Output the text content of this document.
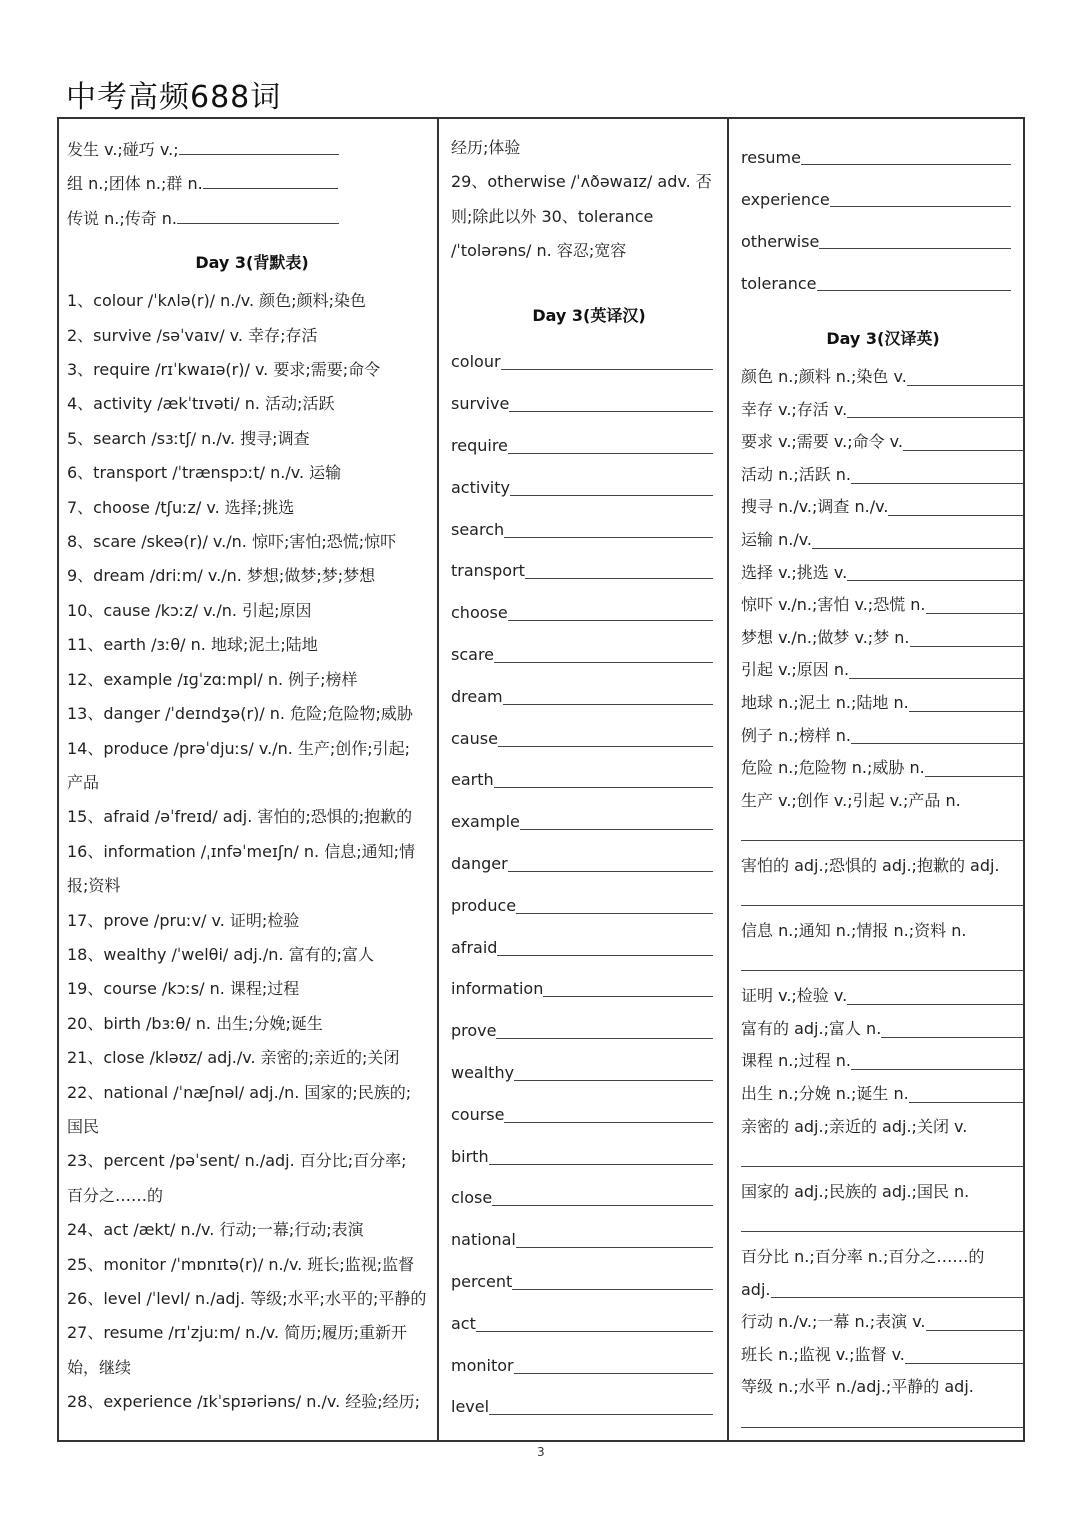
中考高频688词
发生 v.;碰巧 v.;
组 n.;团体 n.;群 n.
传说 n.;传奇 n.
Day 3(背默表)
1、colour /ˈkʌlə(r)/ n./v. 颜色;颜料;染色
2、survive /səˈvaɪv/ v. 幸存;存活
3、require /rɪˈkwaɪə(r)/ v. 要求;需要;命令
4、activity /ækˈtɪvəti/ n. 活动;活跃
5、search /sɜːtʃ/ n./v. 搜寻;调查
6、transport /ˈtrænspɔːt/ n./v. 运输
7、choose /tʃuːz/ v. 选择;挑选
8、scare /skeə(r)/ v./n. 惊吓;害怕;恐慌;惊吓
9、dream /driːm/ v./n. 梦想;做梦;梦;梦想
10、cause /kɔːz/ v./n. 引起;原因
11、earth /ɜːθ/ n. 地球;泥土;陆地
12、example /ɪɡˈzɑːmpl/ n. 例子;榜样
13、danger /ˈdeɪndʒə(r)/ n. 危险;危险物;威胁
14、produce /prəˈdjuːs/ v./n. 生产;创作;引起;
产品
15、afraid /əˈfreɪd/ adj. 害怕的;恐惧的;抱歉的
16、information /ˌɪnfəˈmeɪʃn/ n. 信息;通知;情
报;资料
17、prove /pruːv/ v. 证明;检验
18、wealthy /ˈwelθi/ adj./n. 富有的;富人
19、course /kɔːs/ n. 课程;过程
20、birth /bɜːθ/ n. 出生;分娩;诞生
21、close /kləʊz/ adj./v. 亲密的;亲近的;关闭
22、national /ˈnæʃnəl/ adj./n. 国家的;民族的;
国民
23、percent /pəˈsent/ n./adj. 百分比;百分率;
百分之……的
24、act /ækt/ n./v. 行动;一幕;行动;表演
25、monitor /ˈmɒnɪtə(r)/ n./v. 班长;监视;监督
26、level /ˈlevl/ n./adj. 等级;水平;水平的;平静的
27、resume /rɪˈzjuːm/ n./v. 简历;履历;重新开
始，继续
28、experience /ɪkˈspɪəriəns/ n./v. 经验;经历;
经历;体验
29、otherwise /ˈʌðəwaɪz/ adv. 否
则;除此以外 30、tolerance
/ˈtolərəns/ n. 容忍;宽容
Day 3(英译汉)
colour
survive
require
activity
search
transport
choose
scare
dream
cause
earth
example
danger
produce
afraid
information
prove
wealthy
course
birth
close
national
percent
act
monitor
level
resume
experience
otherwise
tolerance
Day 3(汉译英)
颜色 n.;颜料 n.;染色 v.
幸存 v.;存活 v.
要求 v.;需要 v.;命令 v.
活动 n.;活跃 n.
搜寻 n./v.;调查 n./v.
运输 n./v.
选择 v.;挑选 v.
惊吓 v./n.;害怕 v.;恐慌 n.
梦想 v./n.;做梦 v.;梦 n.
引起 v.;原因 n.
地球 n.;泥土 n.;陆地 n.
例子 n.;榜样 n.
危险 n.;危险物 n.;威胁 n.
生产 v.;创作 v.;引起 v.;产品 n.
害怕的 adj.;恐惧的 adj.;抱歉的 adj.
信息 n.;通知 n.;情报 n.;资料 n.
证明 v.;检验 v.
富有的 adj.;富人 n.
课程 n.;过程 n.
出生 n.;分娩 n.;诞生 n.
亲密的 adj.;亲近的 adj.;关闭 v.
国家的 adj.;民族的 adj.;国民 n.
百分比 n.;百分率 n.;百分之……的
adj.
行动 n./v.;一幕 n.;表演 v.
班长 n.;监视 v.;监督 v.
等级 n.;水平 n./adj.;平静的 adj.
3
